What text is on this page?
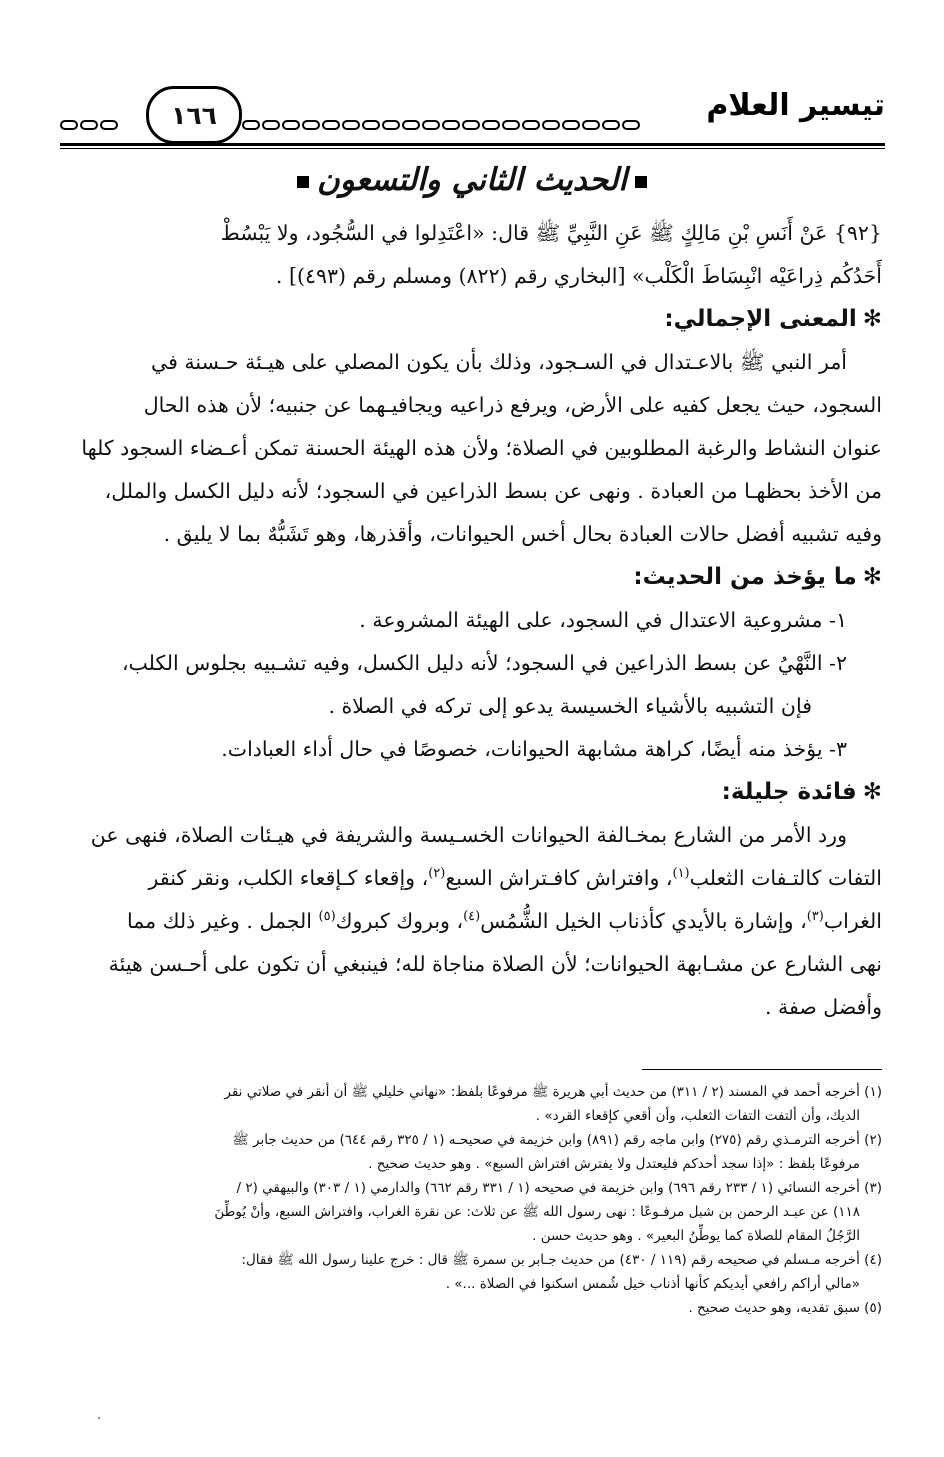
تيسير العلام
١٦٦
الحديث الثاني والتسعون
{٩٢} عَنْ أَنَسِ بْنِ مَالِكٍ ﷺ عَنِ النَّبِيِّ ﷺ قال: «اعْتَدِلوا في السُّجُود، ولا يَبْسُطْ
أَحَدُكُم ذِراعَيْه انْبِسَاطَ الْكَلْب» [البخاري رقم (٨٢٢) ومسلم رقم (٤٩٣)] .
✻المعنى الإجمالي:
أمر النبي ﷺ بالاعـتدال في السـجود، وذلك بأن يكون المصلي على هيـئة حـسنة في
السجود، حيث يجعل كفيه على الأرض، ويرفع ذراعيه ويجافيـهما عن جنبيه؛ لأن هذه الحال
عنوان النشاط والرغبة المطلوبين في الصلاة؛ ولأن هذه الهيئة الحسنة تمكن أعـضاء السجود كلها
من الأخذ بحظهـا من العبادة . ونهى عن بسط الذراعين في السجود؛ لأنه دليل الكسل والملل،
وفيه تشبيه أفضل حالات العبادة بحال أخس الحيوانات، وأقذرها، وهو تَشَبُّهٌ بما لا يليق .
✻ما يؤخذ من الحديث:
١- مشروعية الاعتدال في السجود، على الهيئة المشروعة .
٢- النَّهْيُ عن بسط الذراعين في السجود؛ لأنه دليل الكسل، وفيه تشـبيه بجلوس الكلب،
فإن التشبيه بالأشياء الخسيسة يدعو إلى تركه في الصلاة .
٣- يؤخذ منه أيضًا، كراهة مشابهة الحيوانات، خصوصًا في حال أداء العبادات.
✻فائدة جليلة:
ورد الأمر من الشارع بمخـالفة الحيوانات الخسـيسة والشريفة في هيـئات الصلاة، فنهى عن
التفات كالتـفات الثعلب$^{(١)}$، وافتراش كافـتراش السبع$^{(٢)}$، وإقعاء كـإقعاء الكلب، ونقر كنقر
الغراب$^{(٣)}$، وإشارة بالأيدي كأذناب الخيل الشُّمُس$^{(٤)}$، وبروك كبروك$^{(٥)}$ الجمل . وغير ذلك مما
نهى الشارع عن مشـابهة الحيوانات؛ لأن الصلاة مناجاة لله؛ فينبغي أن تكون على أحـسن هيئة
وأفضل صفة .
(١) أخرجه أحمد في المسند (٢ / ٣١١) من حديث أبي هريرة ﷺ مرفوعًا بلفظ: «نهاني خليلي ﷺ أن أنقر في صلاتي نقر
الديك، وأن ألتفت التفات الثعلب، وأن أقعي كإقعاء القرد» .
(٢) أخرجه الترمـذي رقم (٢٧٥) وابن ماجه رقم (٨٩١) وابن خزيمة في صحيحـه (١ / ٣٢٥ رقم ٦٤٤) من حديث جابر ﷺ
مرفوعًا بلفظ : «إذا سجد أحدكم فليعتدل ولا يفترش افتراش السبع» . وهو حديث صحيح .
(٣) أخرجه النسائي (١ / ٢٣٣ رقم ٦٩٦) وابن خزيمة في صحيحه (١ / ٣٣١ رقم ٦٦٢) والدارمي (١ / ٣٠٣) والبيهقي (٢ /
١١٨) عن عبـد الرحمن بن شبل مرفـوعًا : نهى رسول الله ﷺ عن ثلاث: عن نقرة الغراب، وافتراش السبع، وأنْ يُوطِّنَ
الرَّجُلُ المقام للصلاة كما يوطِّنُ البعير» . وهو حديث حسن .
(٤) أخرجه مـسلم في صحيحه رقم (١١٩ / ٤٣٠) من حديث جـابر بن سمرة ﷺ قال : خرج علينا رسول الله ﷺ فقال:
«مالي أراكم رافعي أيديكم كأنها أذناب خيل شُمس اسكنوا في الصلاة ...» .
(٥) سبق تقديه، وهو حديث صحيح .
